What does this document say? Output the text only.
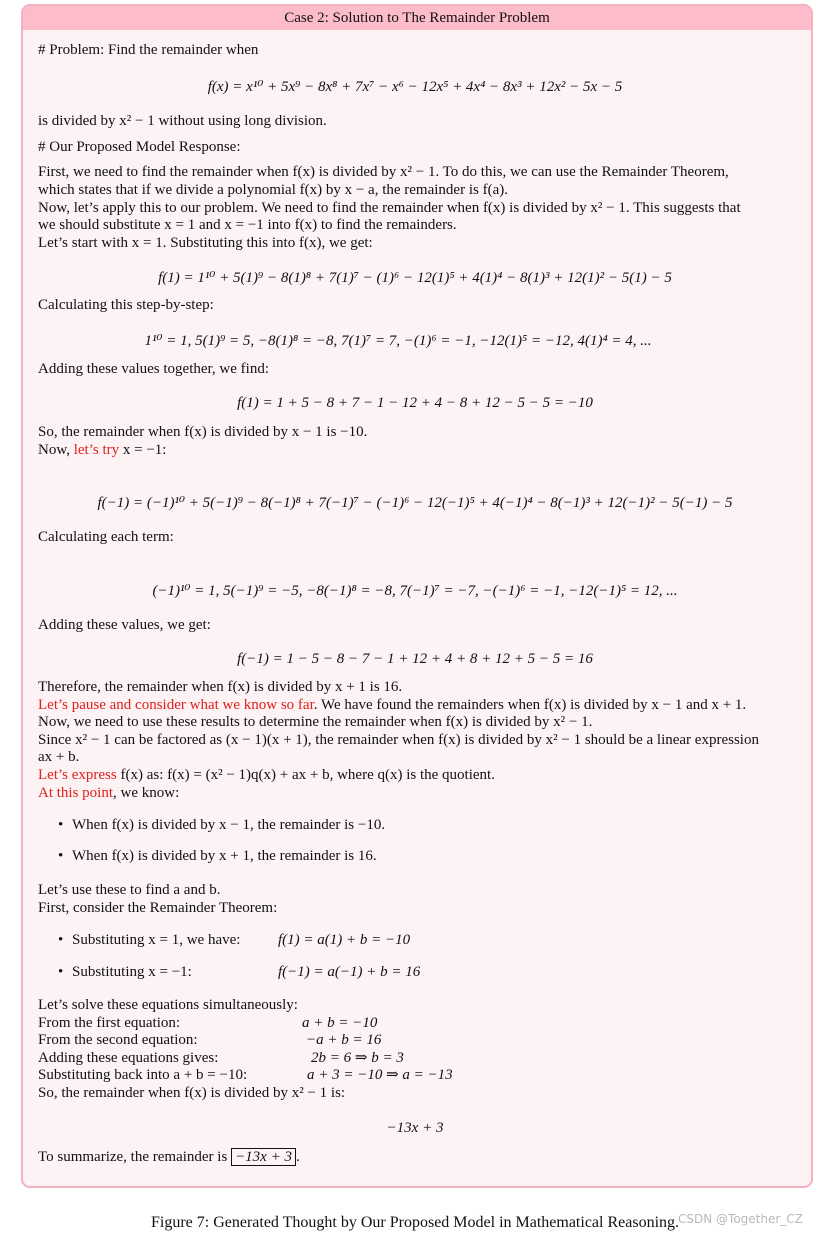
Case 2: Solution to The Remainder Problem
# Problem: Find the remainder when
f(x) = x¹⁰ + 5x⁹ − 8x⁸ + 7x⁷ − x⁶ − 12x⁵ + 4x⁴ − 8x³ + 12x² − 5x − 5
is divided by x² − 1 without using long division.
# Our Proposed Model Response:
First, we need to find the remainder when f(x) is divided by x² − 1. To do this, we can use the Remainder Theorem,
which states that if we divide a polynomial f(x) by x − a, the remainder is f(a).
Now, let’s apply this to our problem. We need to find the remainder when f(x) is divided by x² − 1. This suggests that
we should substitute x = 1 and x = −1 into f(x) to find the remainders.
Let’s start with x = 1. Substituting this into f(x), we get:
f(1) = 1¹⁰ + 5(1)⁹ − 8(1)⁸ + 7(1)⁷ − (1)⁶ − 12(1)⁵ + 4(1)⁴ − 8(1)³ + 12(1)² − 5(1) − 5
Calculating this step-by-step:
1¹⁰ = 1, 5(1)⁹ = 5, −8(1)⁸ = −8, 7(1)⁷ = 7, −(1)⁶ = −1, −12(1)⁵ = −12, 4(1)⁴ = 4, ...
Adding these values together, we find:
f(1) = 1 + 5 − 8 + 7 − 1 − 12 + 4 − 8 + 12 − 5 − 5 = −10
So, the remainder when f(x) is divided by x − 1 is −10.
Now, let’s try x = −1:
f(−1) = (−1)¹⁰ + 5(−1)⁹ − 8(−1)⁸ + 7(−1)⁷ − (−1)⁶ − 12(−1)⁵ + 4(−1)⁴ − 8(−1)³ + 12(−1)² − 5(−1) − 5
Calculating each term:
(−1)¹⁰ = 1, 5(−1)⁹ = −5, −8(−1)⁸ = −8, 7(−1)⁷ = −7, −(−1)⁶ = −1, −12(−1)⁵ = 12, ...
Adding these values, we get:
f(−1) = 1 − 5 − 8 − 7 − 1 + 12 + 4 + 8 + 12 + 5 − 5 = 16
Therefore, the remainder when f(x) is divided by x + 1 is 16.
Let’s pause and consider what we know so far. We have found the remainders when f(x) is divided by x − 1 and x + 1.
Now, we need to use these results to determine the remainder when f(x) is divided by x² − 1.
Since x² − 1 can be factored as (x − 1)(x + 1), the remainder when f(x) is divided by x² − 1 should be a linear expression
ax + b.
Let’s express f(x) as: f(x) = (x² − 1)q(x) + ax + b, where q(x) is the quotient.
At this point, we know:
• When f(x) is divided by x − 1, the remainder is −10.
• When f(x) is divided by x + 1, the remainder is 16.
Let’s use these to find a and b.
First, consider the Remainder Theorem:
• Substituting x = 1, we have:	f(1) = a(1) + b = −10
• Substituting x = −1:	f(−1) = a(−1) + b = 16
Let’s solve these equations simultaneously:
From the first equation:	a + b = −10
From the second equation:	−a + b = 16
Adding these equations gives:	2b = 6 ⇒ b = 3
Substituting back into a + b = −10:	a + 3 = −10 ⇒ a = −13
So, the remainder when f(x) is divided by x² − 1 is:
−13x + 3
To summarize, the remainder is −13x + 3 .
Figure 7: Generated Thought by Our Proposed Model in Mathematical Reasoning.
CSDN @Together_CZ
